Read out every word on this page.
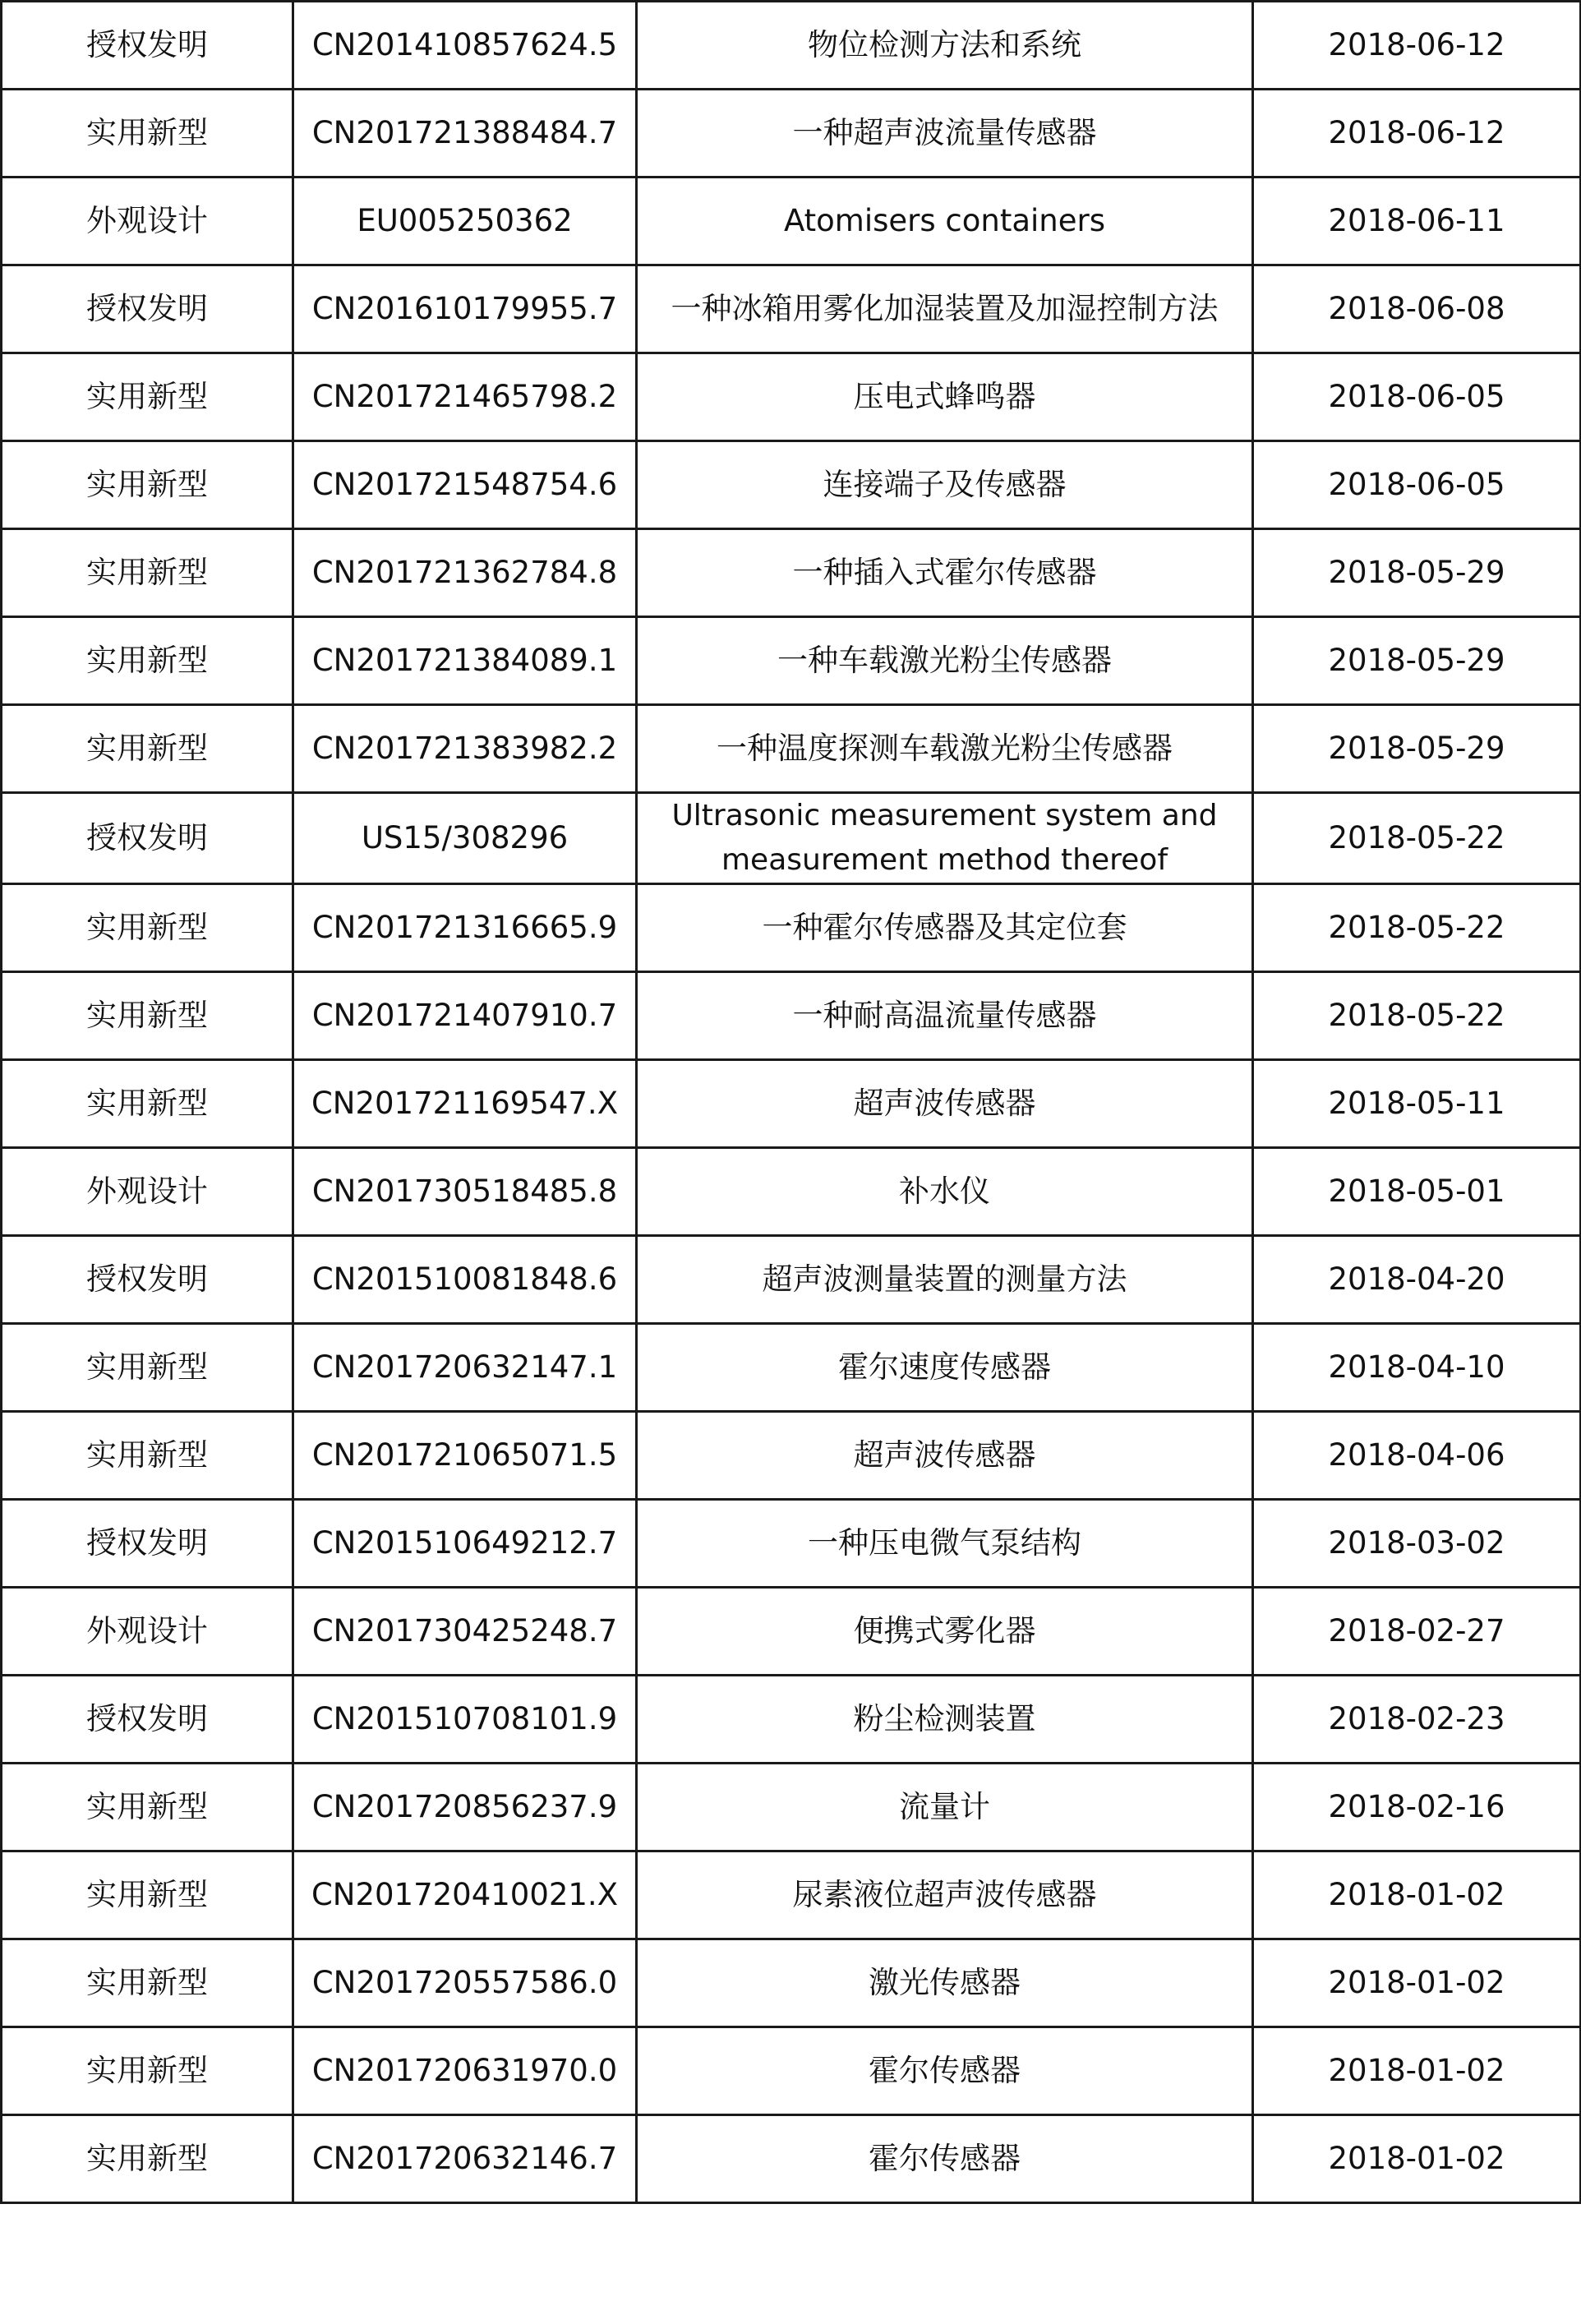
授权发明	CN201410857624.5	物位检测方法和系统	2018-06-12
实用新型	CN201721388484.7	一种超声波流量传感器	2018-06-12
外观设计	EU005250362	Atomisers containers	2018-06-11
授权发明	CN201610179955.7	一种冰箱用雾化加湿装置及加湿控制方法	2018-06-08
实用新型	CN201721465798.2	压电式蜂鸣器	2018-06-05
实用新型	CN201721548754.6	连接端子及传感器	2018-06-05
实用新型	CN201721362784.8	一种插入式霍尔传感器	2018-05-29
实用新型	CN201721384089.1	一种车载激光粉尘传感器	2018-05-29
实用新型	CN201721383982.2	一种温度探测车载激光粉尘传感器	2018-05-29
授权发明	US15/308296	Ultrasonic measurement system and measurement method thereof	2018-05-22
实用新型	CN201721316665.9	一种霍尔传感器及其定位套	2018-05-22
实用新型	CN201721407910.7	一种耐高温流量传感器	2018-05-22
实用新型	CN201721169547.X	超声波传感器	2018-05-11
外观设计	CN201730518485.8	补水仪	2018-05-01
授权发明	CN201510081848.6	超声波测量装置的测量方法	2018-04-20
实用新型	CN201720632147.1	霍尔速度传感器	2018-04-10
实用新型	CN201721065071.5	超声波传感器	2018-04-06
授权发明	CN201510649212.7	一种压电微气泵结构	2018-03-02
外观设计	CN201730425248.7	便携式雾化器	2018-02-27
授权发明	CN201510708101.9	粉尘检测装置	2018-02-23
实用新型	CN201720856237.9	流量计	2018-02-16
实用新型	CN201720410021.X	尿素液位超声波传感器	2018-01-02
实用新型	CN201720557586.0	激光传感器	2018-01-02
实用新型	CN201720631970.0	霍尔传感器	2018-01-02
实用新型	CN201720632146.7	霍尔传感器	2018-01-02
